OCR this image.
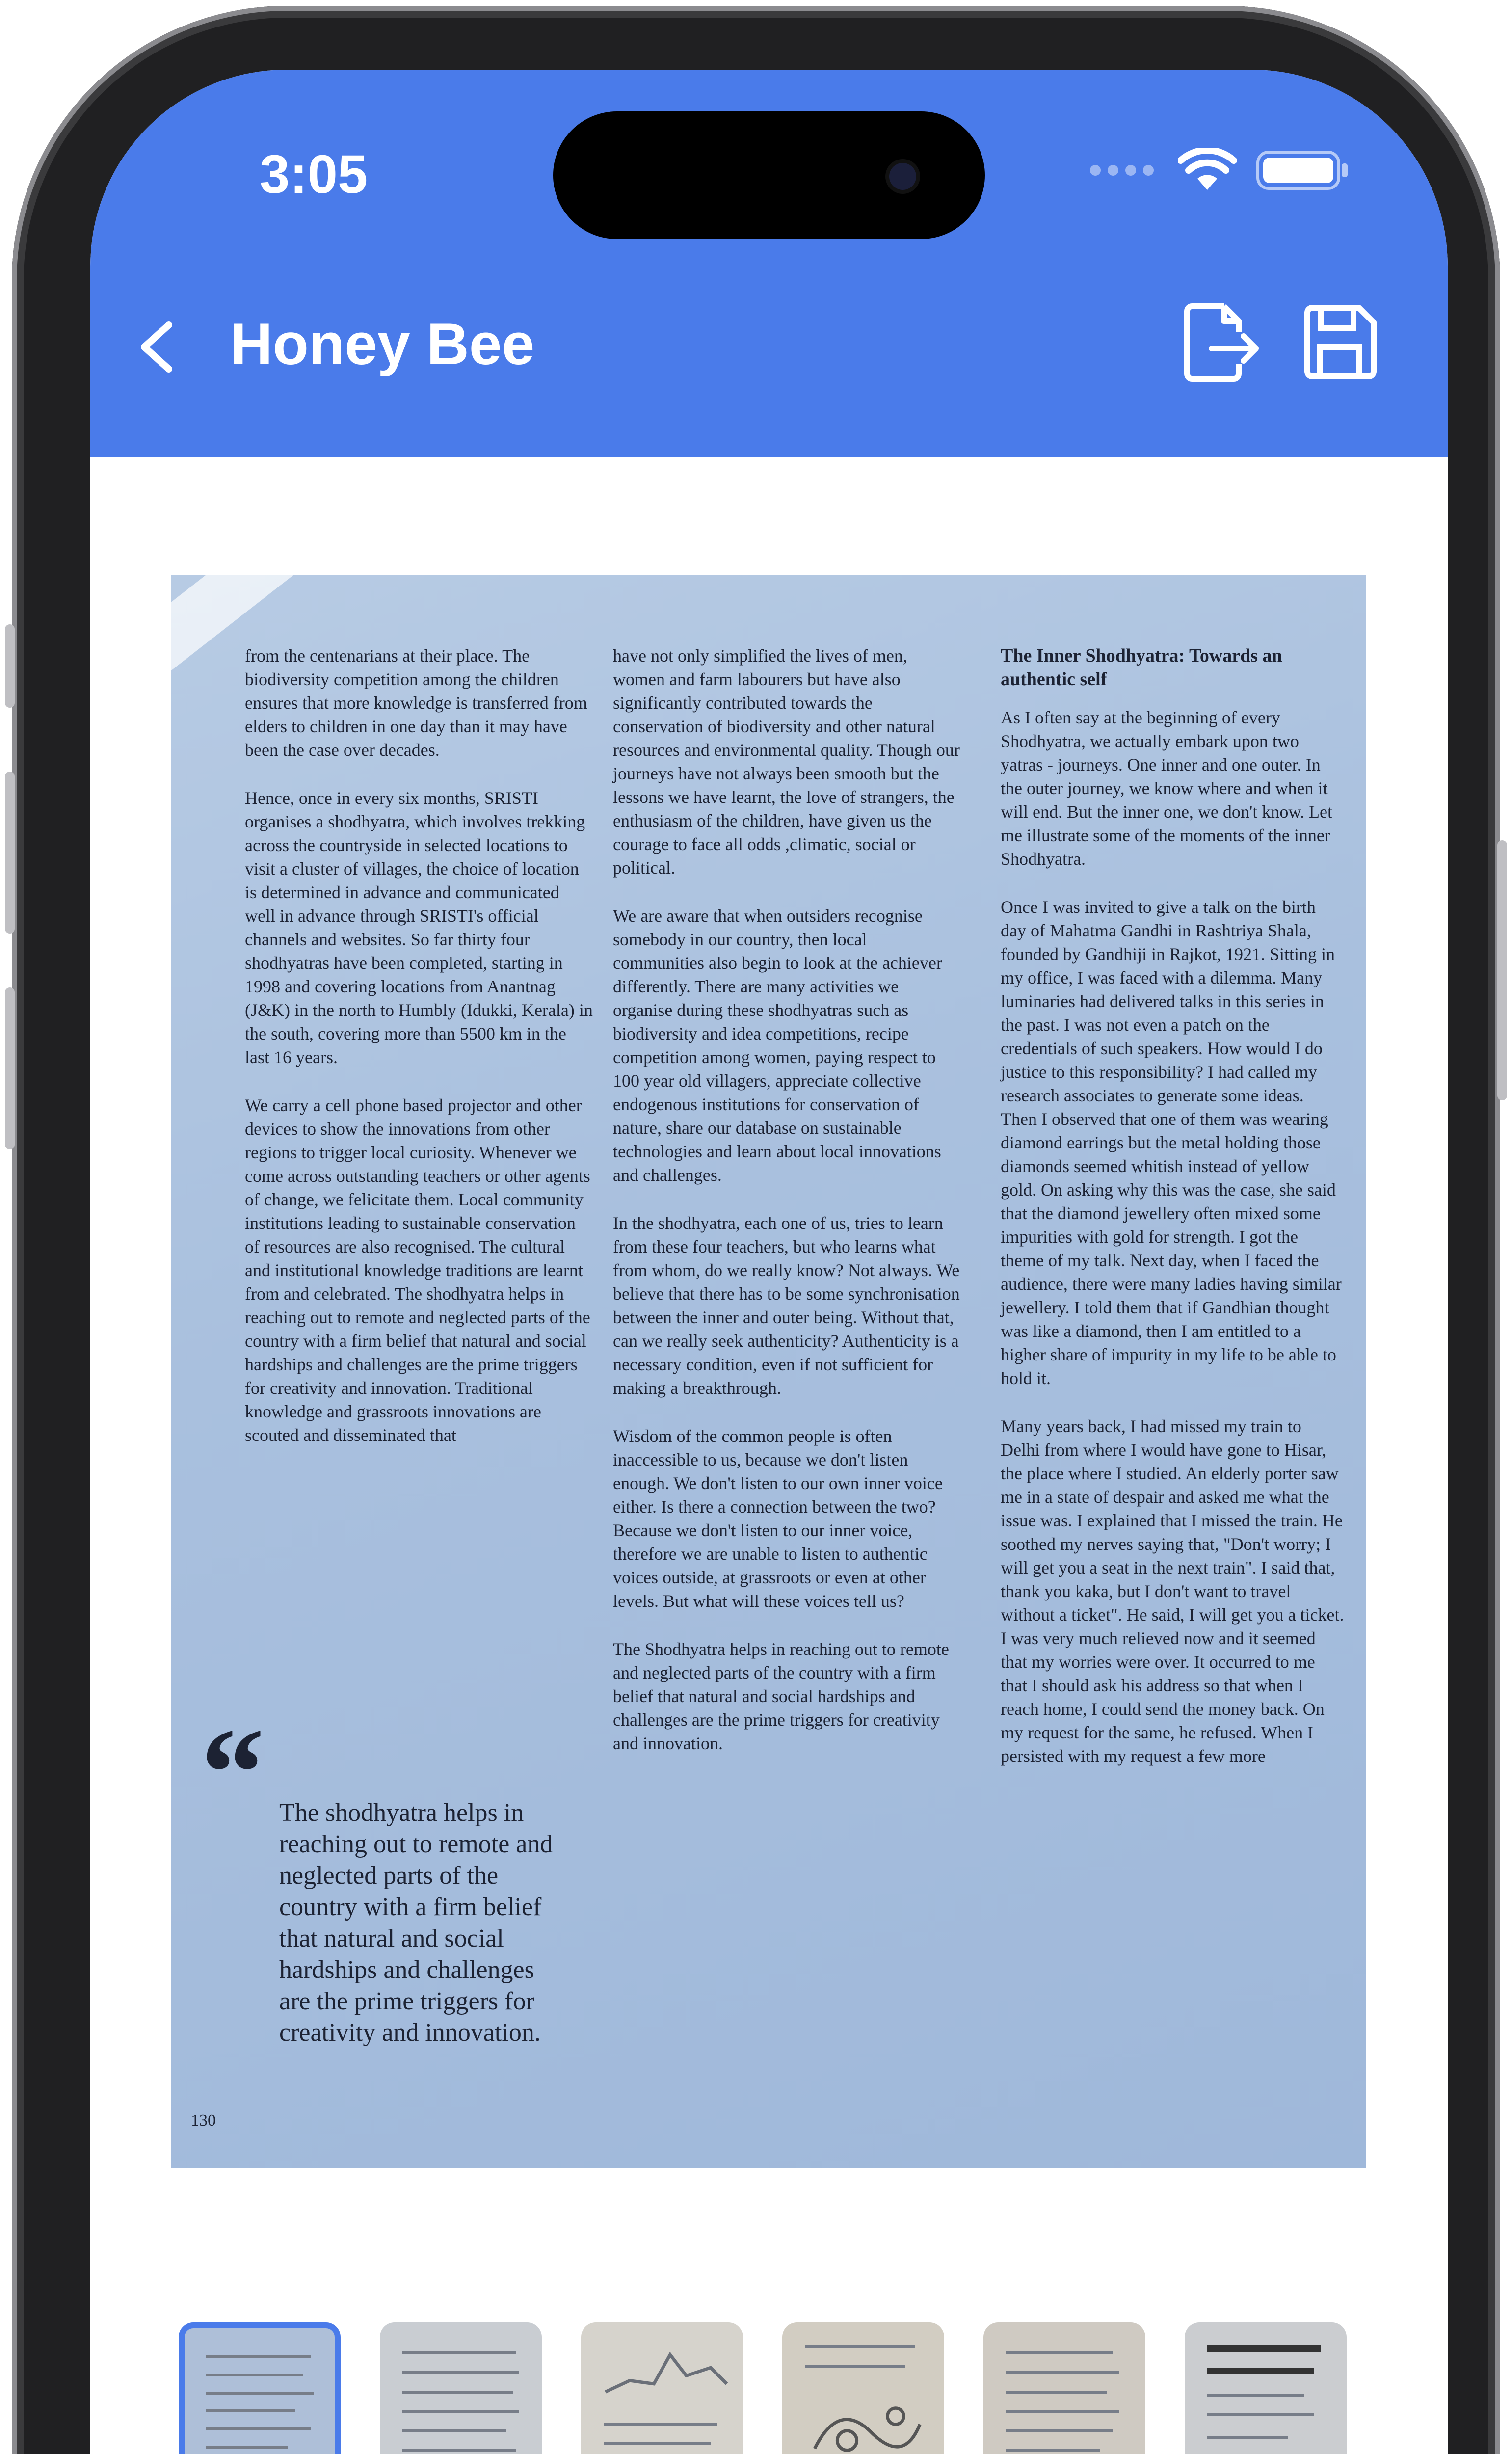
3:05
Honey Bee

from the centenarians at their place. The biodiversity competition among the children ensures that more knowledge is transferred from elders to children in one day than it may have been the case over decades.

Hence, once in every six months, SRISTI organises a shodhyatra, which involves trekking across the countryside in selected locations to visit a cluster of villages, the choice of location is determined in advance and communicated well in advance through SRISTI's official channels and websites. So far thirty four shodhyatras have been completed, starting in 1998 and covering locations from Anantnag (J&K) in the north to Humbly (Idukki, Kerala) in the south, covering more than 5500 km in the last 16 years.

We carry a cell phone based projector and other devices to show the innovations from other regions to trigger local curiosity. Whenever we come across outstanding teachers or other agents of change, we felicitate them. Local community institutions leading to sustainable conservation of resources are also recognised. The cultural and institutional knowledge traditions are learnt from and celebrated. The shodhyatra helps in reaching out to remote and neglected parts of the country with a firm belief that natural and social hardships and challenges are the prime triggers for creativity and innovation. Traditional knowledge and grassroots innovations are scouted and disseminated that

“ The shodhyatra helps in reaching out to remote and neglected parts of the country with a firm belief that natural and social hardships and challenges are the prime triggers for creativity and innovation.
130

have not only simplified the lives of men, women and farm labourers but have also significantly contributed towards the conservation of biodiversity and other natural resources and environmental quality. Though our journeys have not always been smooth but the lessons we have learnt, the love of strangers, the enthusiasm of the children, have given us the courage to face all odds ,climatic, social or political.

We are aware that when outsiders recognise somebody in our country, then local communities also begin to look at the achiever differently. There are many activities we organise during these shodhyatras such as biodiversity and idea competitions, recipe competition among women, paying respect to 100 year old villagers, appreciate collective endogenous institutions for conservation of nature, share our database on sustainable technologies and learn about local innovations and challenges.

In the shodhyatra, each one of us, tries to learn from these four teachers, but who learns what from whom, do we really know? Not always. We believe that there has to be some synchronisation between the inner and outer being. Without that, can we really seek authenticity? Authenticity is a necessary condition, even if not sufficient for making a breakthrough.

Wisdom of the common people is often inaccessible to us, because we don't listen enough. We don't listen to our own inner voice either. Is there a connection between the two? Because we don't listen to our inner voice, therefore we are unable to listen to authentic voices outside, at grassroots or even at other levels. But what will these voices tell us?

The Shodhyatra helps in reaching out to remote and neglected parts of the country with a firm belief that natural and social hardships and challenges are the prime triggers for creativity and innovation.

The Inner Shodhyatra: Towards an authentic self

As I often say at the beginning of every Shodhyatra, we actually embark upon two yatras - journeys. One inner and one outer. In the outer journey, we know where and when it will end. But the inner one, we don't know. Let me illustrate some of the moments of the inner Shodhyatra.

Once I was invited to give a talk on the birth day of Mahatma Gandhi in Rashtriya Shala, founded by Gandhiji in Rajkot, 1921. Sitting in my office, I was faced with a dilemma. Many luminaries had delivered talks in this series in the past. I was not even a patch on the credentials of such speakers. How would I do justice to this responsibility? I had called my research associates to generate some ideas. Then I observed that one of them was wearing diamond earrings but the metal holding those diamonds seemed whitish instead of yellow gold. On asking why this was the case, she said that the diamond jewellery often mixed some impurities with gold for strength. I got the theme of my talk. Next day, when I faced the audience, there were many ladies having similar jewellery. I told them that if Gandhian thought was like a diamond, then I am entitled to a higher share of impurity in my life to be able to hold it.

Many years back, I had missed my train to Delhi from where I would have gone to Hisar, the place where I studied. An elderly porter saw me in a state of despair and asked me what the issue was. I explained that I missed the train. He soothed my nerves saying that, "Don't worry; I will get you a seat in the next train". I said that, thank you kaka, but I don't want to travel without a ticket". He said, I will get you a ticket. I was very much relieved now and it seemed that my worries were over. It occurred to me that I should ask his address so that when I reach home, I could send the money back. On my request for the same, he refused. When I persisted with my request a few more
